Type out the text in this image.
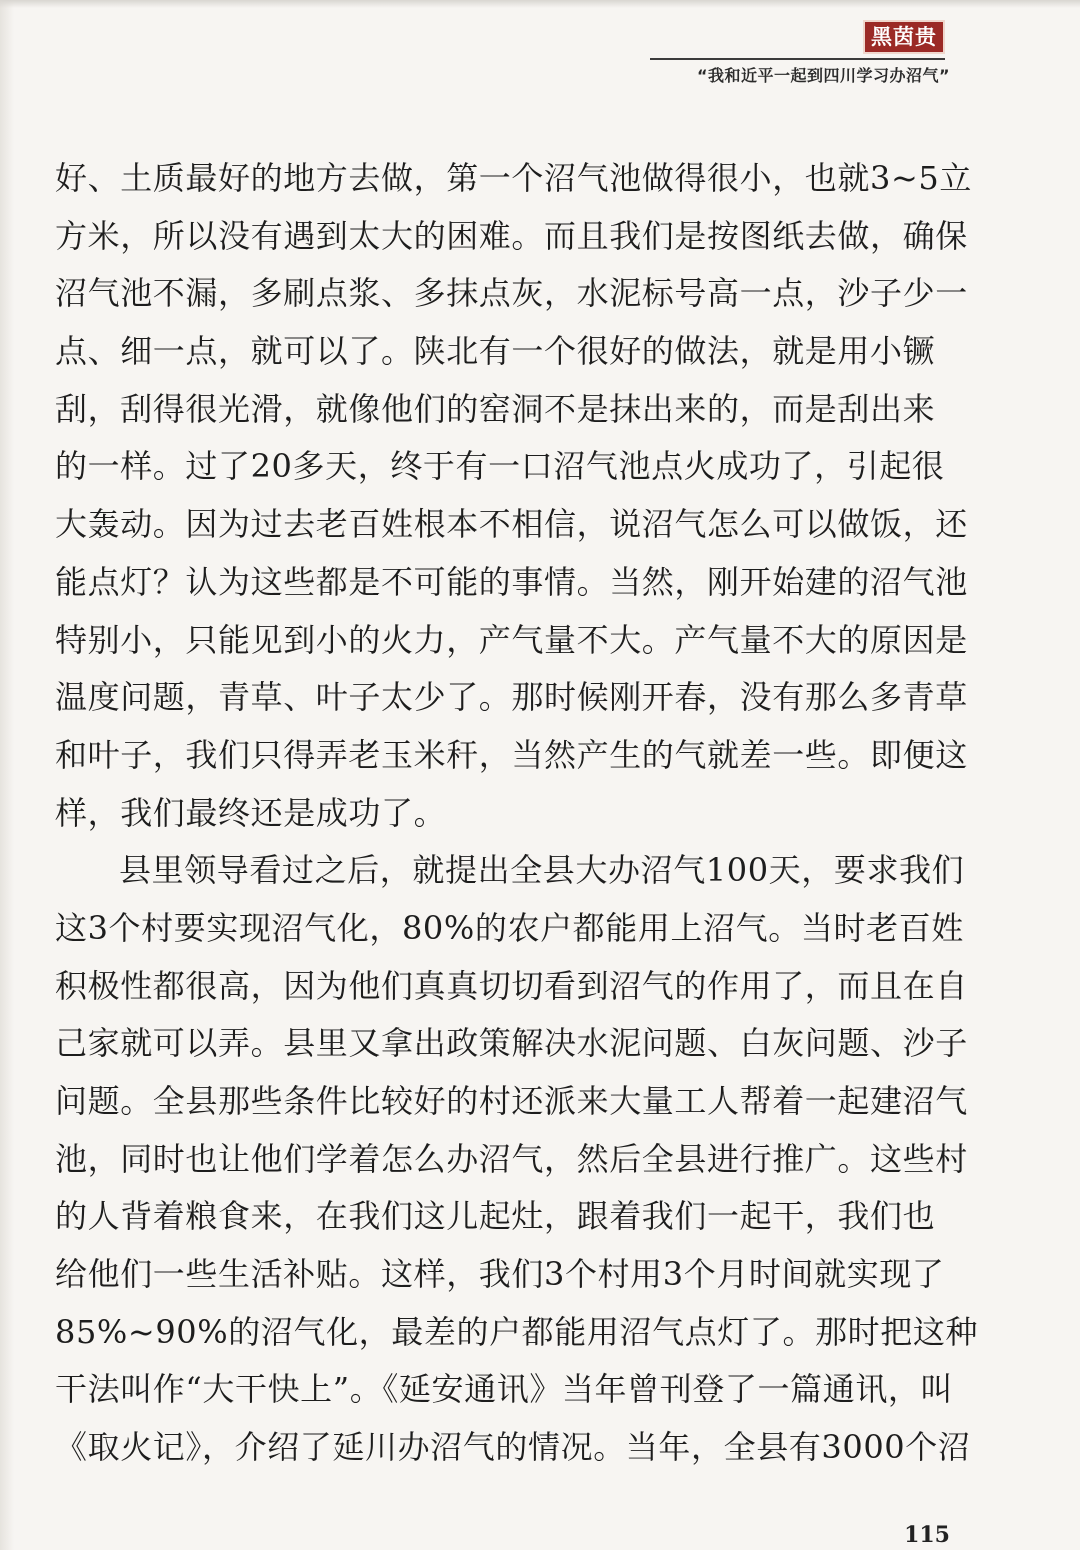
黑茵贵
“我和近平一起到四川学习办沼气”
好、土质最好的地方去做，第一个沼气池做得很小，也就3~5立
方米，所以没有遇到太大的困难。而且我们是按图纸去做，确保
沼气池不漏，多刷点浆、多抹点灰，水泥标号高一点，沙子少一
点、细一点，就可以了。陕北有一个很好的做法，就是用小镢
刮，刮得很光滑，就像他们的窑洞不是抹出来的，而是刮出来
的一样。过了20多天，终于有一口沼气池点火成功了，引起很
大轰动。因为过去老百姓根本不相信，说沼气怎么可以做饭，还
能点灯？认为这些都是不可能的事情。当然，刚开始建的沼气池
特别小，只能见到小的火力，产气量不大。产气量不大的原因是
温度问题，青草、叶子太少了。那时候刚开春，没有那么多青草
和叶子，我们只得弄老玉米秆，当然产生的气就差一些。即便这
样，我们最终还是成功了。
县里领导看过之后，就提出全县大办沼气100天，要求我们
这3个村要实现沼气化，80%的农户都能用上沼气。当时老百姓
积极性都很高，因为他们真真切切看到沼气的作用了，而且在自
己家就可以弄。县里又拿出政策解决水泥问题、白灰问题、沙子
问题。全县那些条件比较好的村还派来大量工人帮着一起建沼气
池，同时也让他们学着怎么办沼气，然后全县进行推广。这些村
的人背着粮食来，在我们这儿起灶，跟着我们一起干，我们也
给他们一些生活补贴。这样，我们3个村用3个月时间就实现了
85%~90%的沼气化，最差的户都能用沼气点灯了。那时把这种
干法叫作“大干快上”。《延安通讯》当年曾刊登了一篇通讯，叫
《取火记》，介绍了延川办沼气的情况。当年，全县有3000个沼
115
